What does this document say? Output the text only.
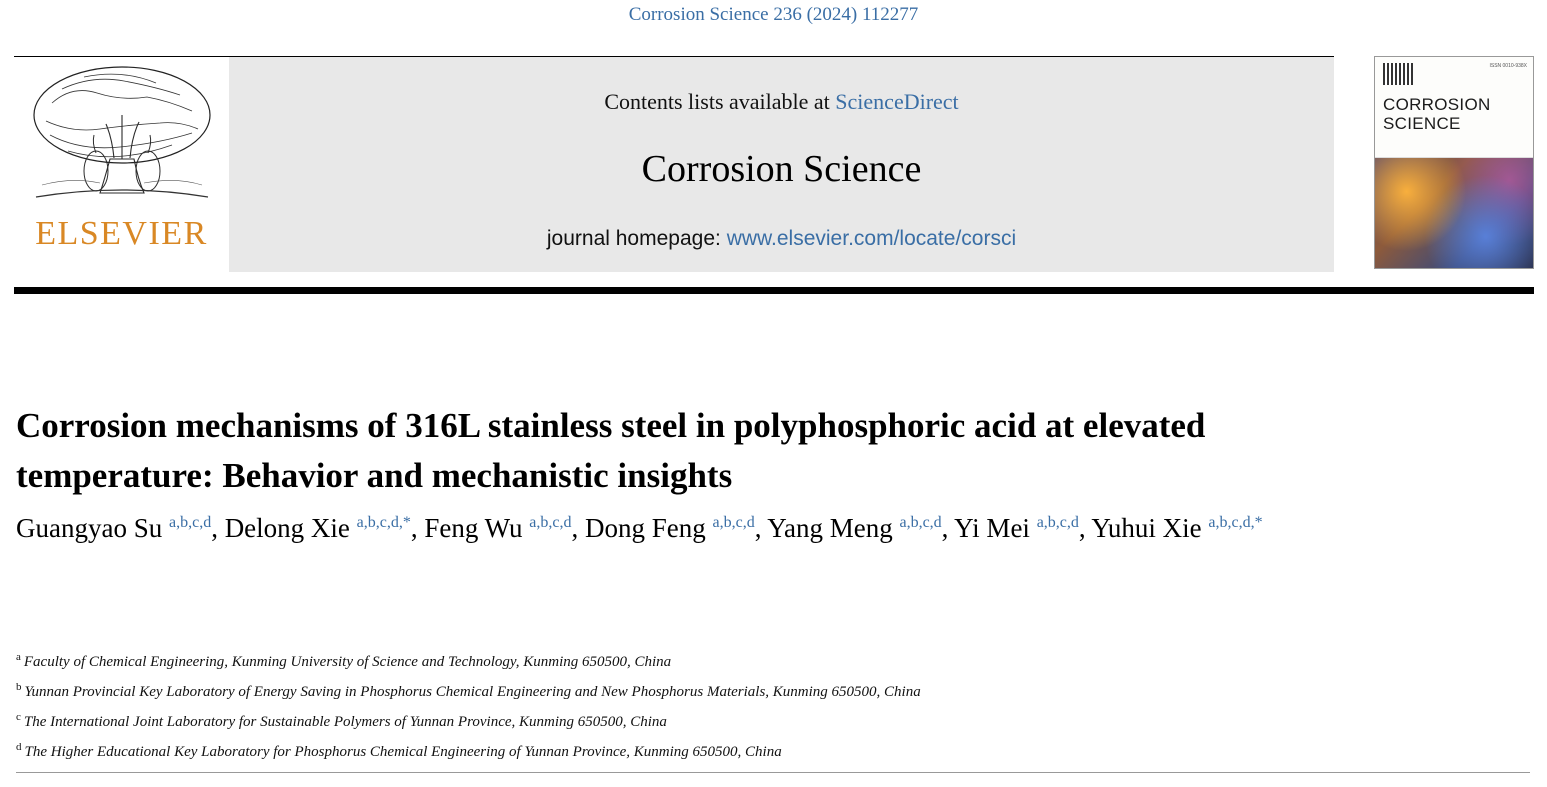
Corrosion Science 236 (2024) 112277
ELSEVIER
Contents lists available at ScienceDirect
Corrosion Science
journal homepage: www.elsevier.com/locate/corsci
ISSN 0010-938X
CORROSION
SCIENCE
Corrosion mechanisms of 316L stainless steel in polyphosphoric acid at elevated temperature: Behavior and mechanistic insights
Guangyao Su $^{a,b,c,d}$, Delong Xie $^{a,b,c,d,*}$, Feng Wu $^{a,b,c,d}$, Dong Feng $^{a,b,c,d}$, Yang Meng $^{a,b,c,d}$, Yi Mei $^{a,b,c,d}$, Yuhui Xie $^{a,b,c,d,*}$
$^a$ Faculty of Chemical Engineering, Kunming University of Science and Technology, Kunming 650500, China
$^b$ Yunnan Provincial Key Laboratory of Energy Saving in Phosphorus Chemical Engineering and New Phosphorus Materials, Kunming 650500, China
$^c$ The International Joint Laboratory for Sustainable Polymers of Yunnan Province, Kunming 650500, China
$^d$ The Higher Educational Key Laboratory for Phosphorus Chemical Engineering of Yunnan Province, Kunming 650500, China
